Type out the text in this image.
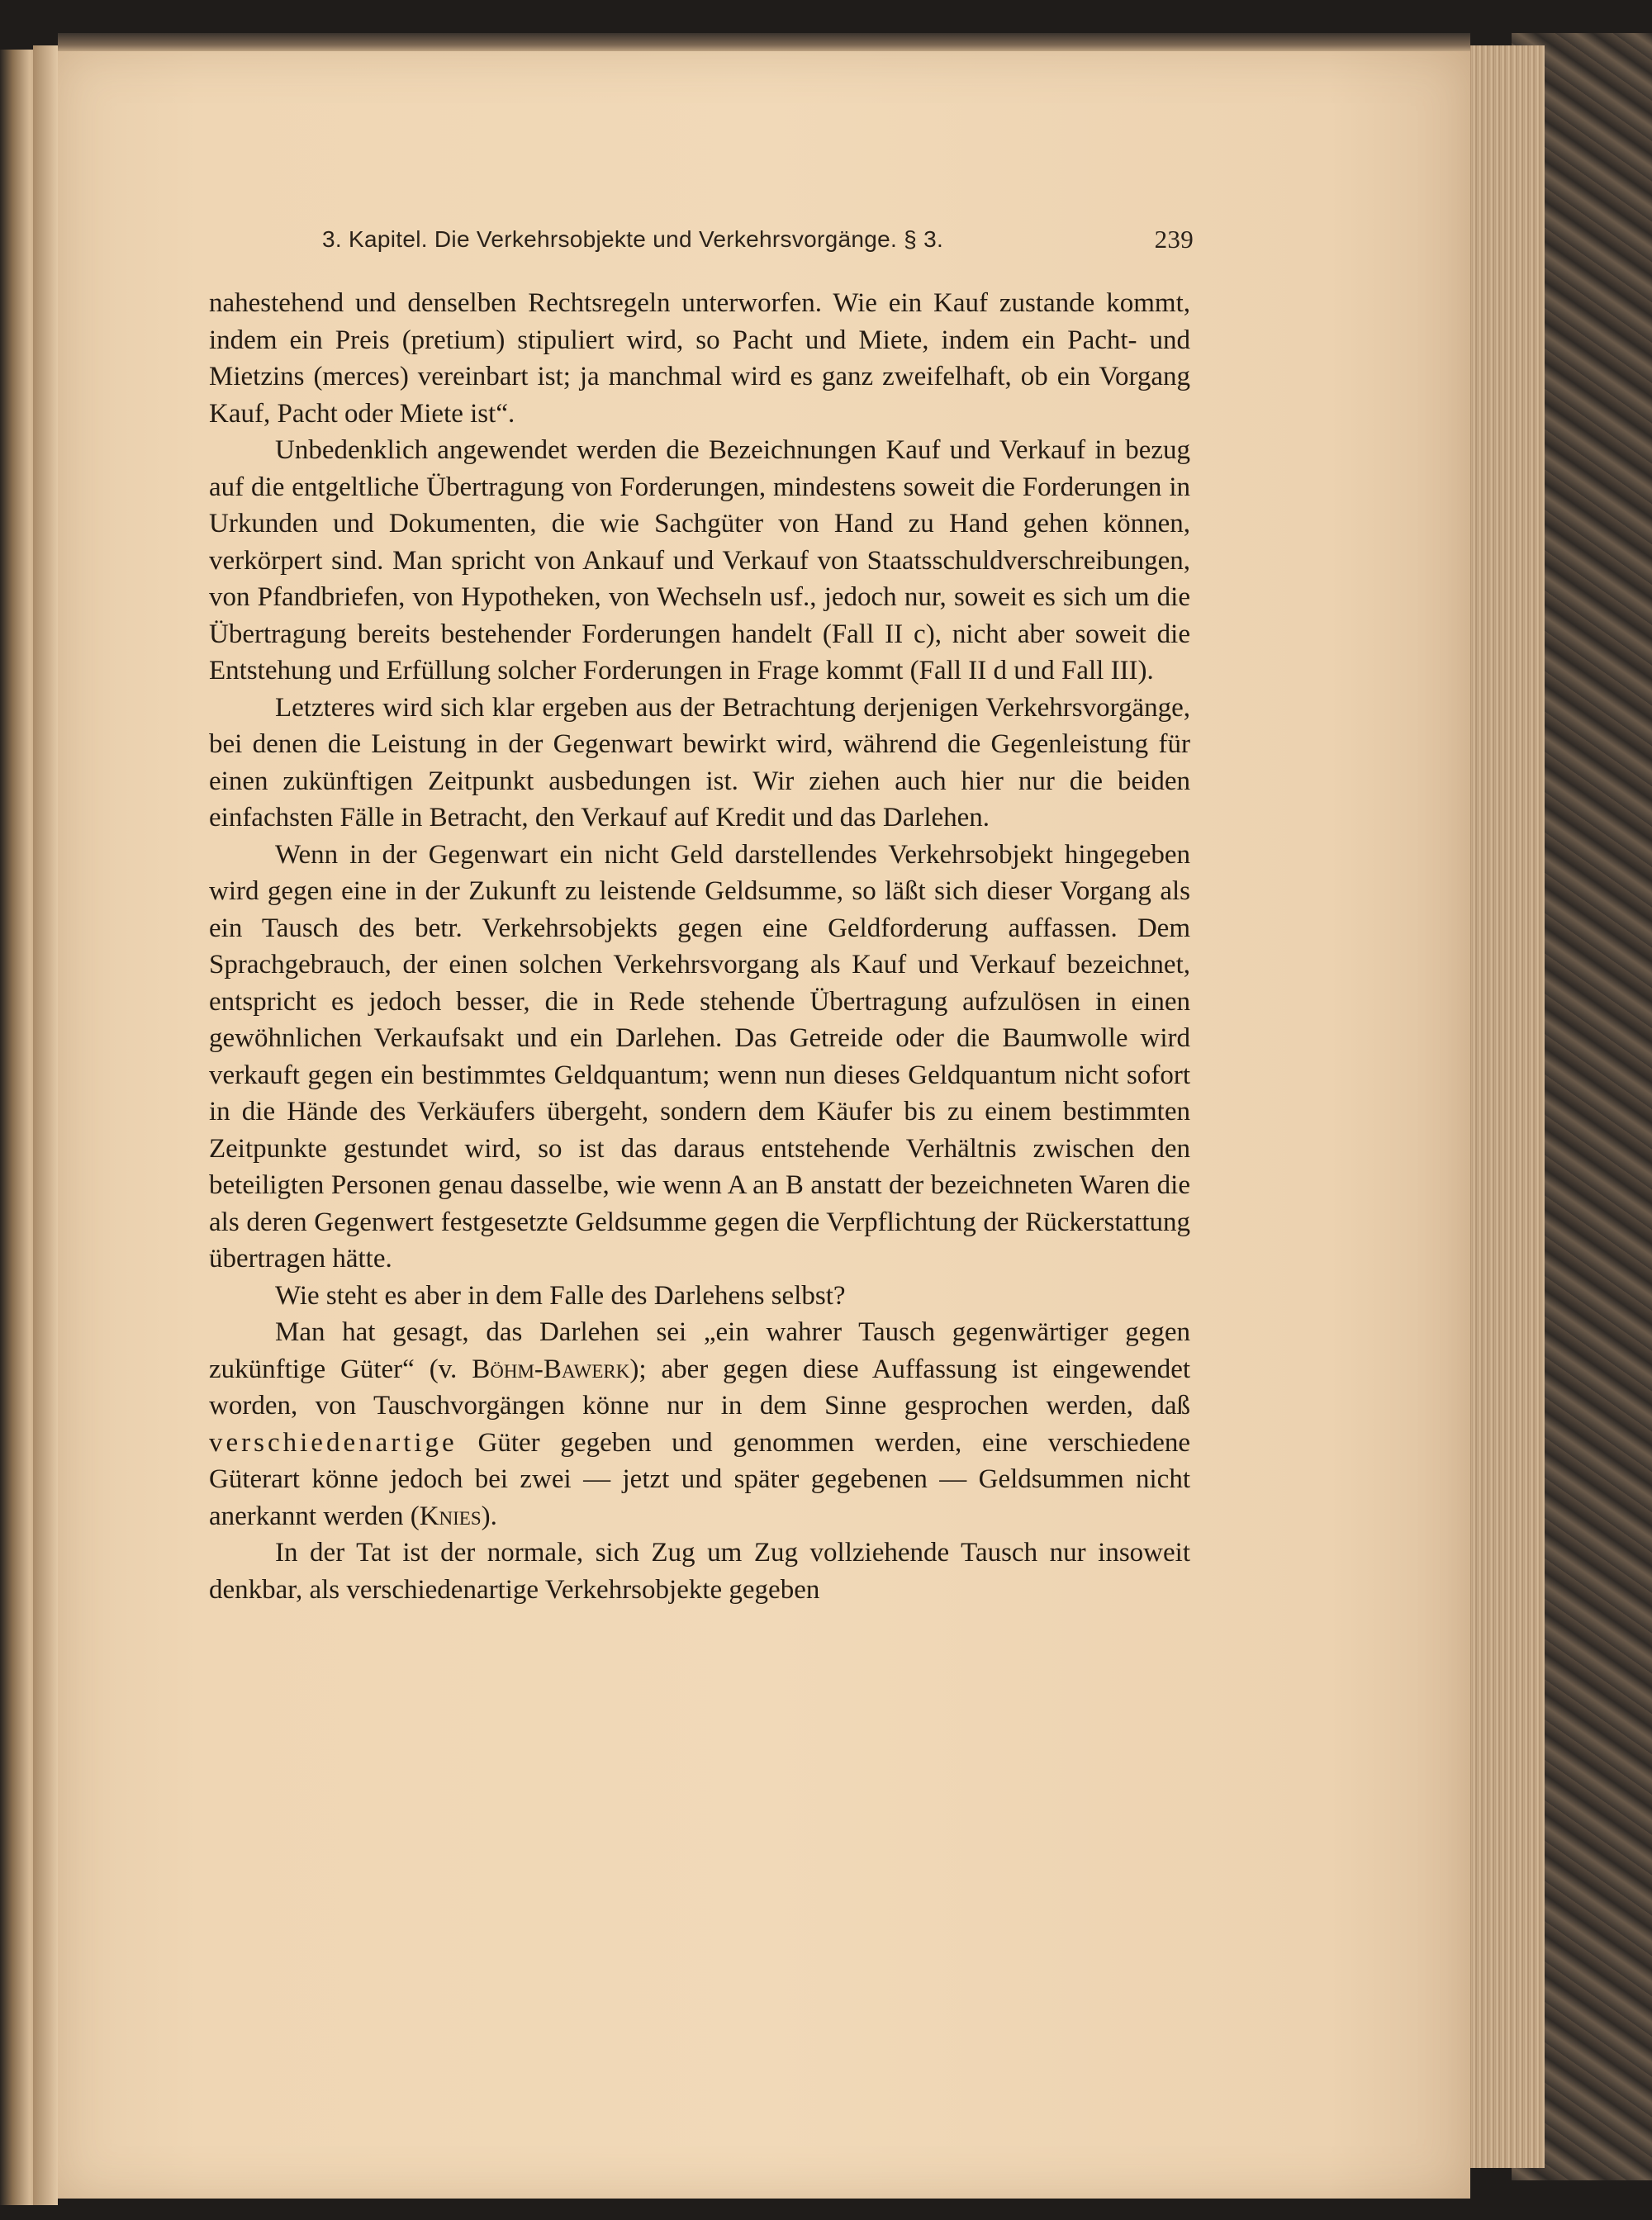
3. Kapitel. Die Verkehrsobjekte und Verkehrsvorgänge. § 3.	239

nahestehend und denselben Rechtsregeln unterworfen. Wie ein Kauf zustande kommt, indem ein Preis (pretium) stipuliert wird, so Pacht und Miete, indem ein Pacht- und Mietzins (merces) vereinbart ist; ja manchmal wird es ganz zweifelhaft, ob ein Vorgang Kauf, Pacht oder Miete ist“.

Unbedenklich angewendet werden die Bezeichnungen Kauf und Verkauf in bezug auf die entgeltliche Übertragung von Forderungen, mindestens soweit die Forderungen in Urkunden und Dokumenten, die wie Sachgüter von Hand zu Hand gehen können, verkörpert sind. Man spricht von Ankauf und Verkauf von Staatsschuldverschreibungen, von Pfandbriefen, von Hypotheken, von Wechseln usf., jedoch nur, soweit es sich um die Übertragung bereits bestehender Forderungen handelt (Fall II c), nicht aber soweit die Entstehung und Erfüllung solcher Forderungen in Frage kommt (Fall II d und Fall III).

Letzteres wird sich klar ergeben aus der Betrachtung derjenigen Verkehrsvorgänge, bei denen die Leistung in der Gegenwart bewirkt wird, während die Gegenleistung für einen zukünftigen Zeitpunkt ausbedungen ist. Wir ziehen auch hier nur die beiden einfachsten Fälle in Betracht, den Verkauf auf Kredit und das Darlehen.

Wenn in der Gegenwart ein nicht Geld darstellendes Verkehrsobjekt hingegeben wird gegen eine in der Zukunft zu leistende Geldsumme, so läßt sich dieser Vorgang als ein Tausch des betr. Verkehrsobjekts gegen eine Geldforderung auffassen. Dem Sprachgebrauch, der einen solchen Verkehrsvorgang als Kauf und Verkauf bezeichnet, entspricht es jedoch besser, die in Rede stehende Übertragung aufzulösen in einen gewöhnlichen Verkaufsakt und ein Darlehen. Das Getreide oder die Baumwolle wird verkauft gegen ein bestimmtes Geldquantum; wenn nun dieses Geldquantum nicht sofort in die Hände des Verkäufers übergeht, sondern dem Käufer bis zu einem bestimmten Zeitpunkte gestundet wird, so ist das daraus entstehende Verhältnis zwischen den beteiligten Personen genau dasselbe, wie wenn A an B anstatt der bezeichneten Waren die als deren Gegenwert festgesetzte Geldsumme gegen die Verpflichtung der Rückerstattung übertragen hätte.

Wie steht es aber in dem Falle des Darlehens selbst?

Man hat gesagt, das Darlehen sei „ein wahrer Tausch gegenwärtiger gegen zukünftige Güter“ (v. Böhm-Bawerk); aber gegen diese Auffassung ist eingewendet worden, von Tauschvorgängen könne nur in dem Sinne gesprochen werden, daß verschiedenartige Güter gegeben und genommen werden, eine verschiedene Güterart könne jedoch bei zwei — jetzt und später gegebenen — Geldsummen nicht anerkannt werden (Knies).

In der Tat ist der normale, sich Zug um Zug vollziehende Tausch nur insoweit denkbar, als verschiedenartige Verkehrsobjekte gegeben
